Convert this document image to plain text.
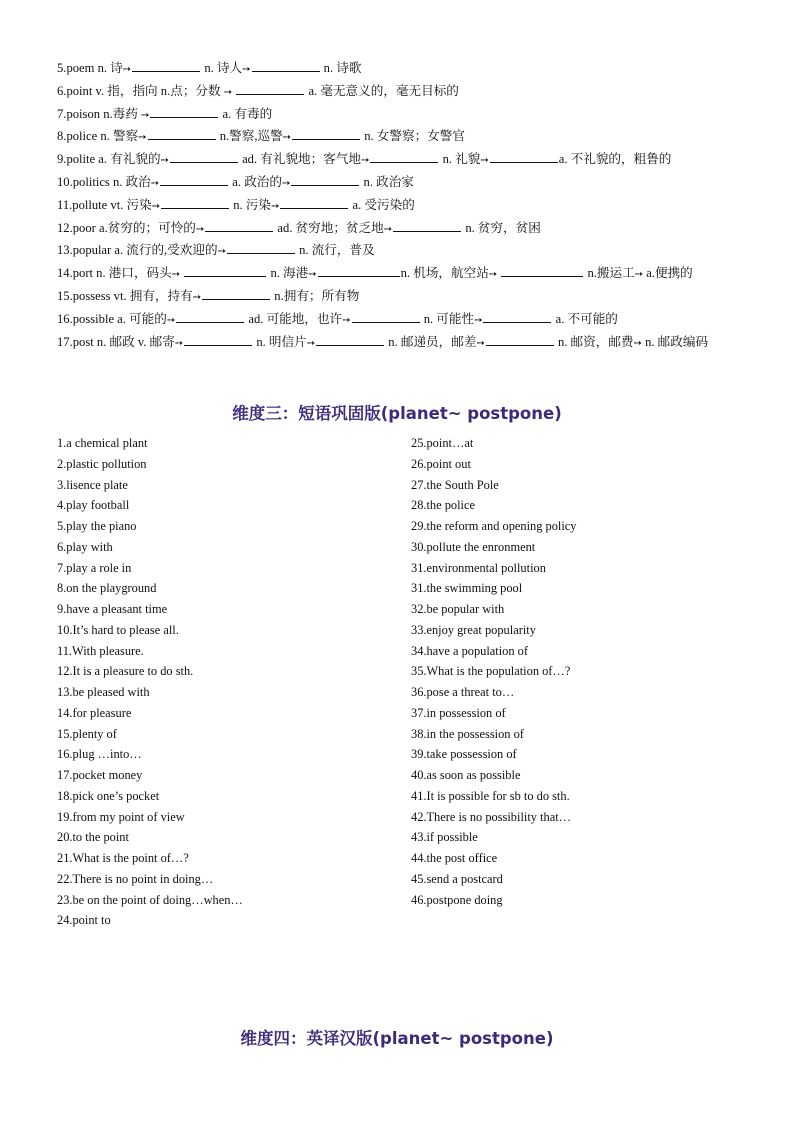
5.poem n. 诗➙	n. 诗人➙	n. 诗歌
6.point v. 指，指向 n.点；分数 ➙	a. 毫无意义的，毫无目标的
7.poison n.毒药 ➙	a. 有毒的
8.police n. 警察➙	n.警察,巡警➙	n. 女警察；女警官
9.polite a. 有礼貌的➙	ad. 有礼貌地；客气地➙	n. 礼貌➙	a. 不礼貌的，粗鲁的
10.politics n. 政治➙	a. 政治的➙	n. 政治家
11.pollute vt. 污染➙	n. 污染➙	a. 受污染的
12.poor a.贫穷的；可怜的➙	ad. 贫穷地；贫乏地➙	n. 贫穷，贫困
13.popular a. 流行的,受欢迎的➙	n. 流行，普及
14.port n. 港口，码头➙	n. 海港➙	n. 机场，航空站➙	n.搬运工➙ a.便携的
15.possess vt. 拥有，持有➙	n.拥有；所有物
16.possible a. 可能的➙	ad. 可能地，也许➙	n. 可能性➙	a. 不可能的
17.post n. 邮政 v. 邮寄➙	n. 明信片➙	n. 邮递员，邮差➙	n. 邮资，邮费➙ n. 邮政编码
维度三：短语巩固版(planet~ postpone)
1.a chemical plant
2.plastic pollution
3.lisence plate
4.play football
5.play the piano
6.play with
7.play a role in
8.on the playground
9.have a pleasant time
10.It’s hard to please all.
11.With pleasure.
12.It is a pleasure to do sth.
13.be pleased with
14.for pleasure
15.plenty of
16.plug …into…
17.pocket money
18.pick one’s pocket
19.from my point of view
20.to the point
21.What is the point of…?
22.There is no point in doing…
23.be on the point of doing…when…
24.point to
25.point…at
26.point out
27.the South Pole
28.the police
29.the reform and opening policy
30.pollute the enronment
31.environmental pollution
31.the swimming pool
32.be popular with
33.enjoy great popularity
34.have a population of
35.What is the population of…?
36.pose a threat to…
37.in possession of
38.in the possession of
39.take possession of
40.as soon as possible
41.It is possible for sb to do sth.
42.There is no possibility that…
43.if possible
44.the post office
45.send a postcard
46.postpone doing
维度四：英译汉版(planet~ postpone)
